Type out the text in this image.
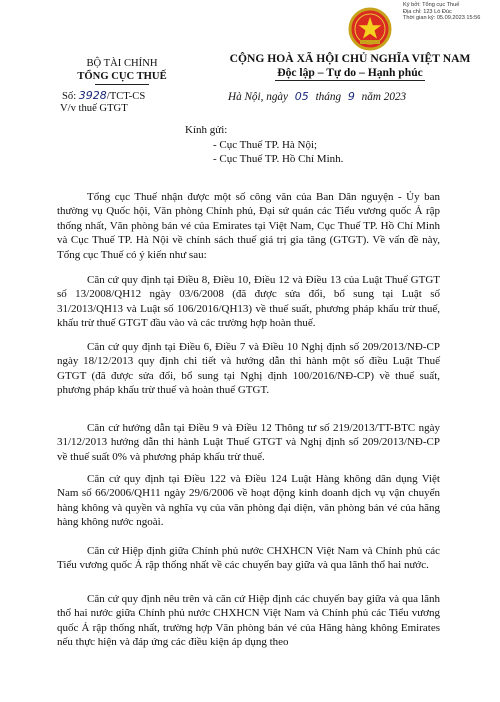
Ký bởi: Tổng cục Thuế
Địa chỉ: 123 Lò Đúc
Thời gian ký: 05.09.2023 15:56
BỘ TÀI CHÍNH
TỔNG CỤC THUẾ
CỘNG HOÀ XÃ HỘI CHỦ NGHĨA VIỆT NAM
Độc lập – Tự do – Hạnh phúc
Số: 3928/TCT-CS
V/v thuế GTGT
Hà Nội, ngày 05 tháng 9 năm 2023
Kính gửi:
- Cục Thuế TP. Hà Nội;
- Cục Thuế TP. Hồ Chí Minh.
Tổng cục Thuế nhận được một số công văn của Ban Dân nguyện - Ủy ban thường vụ Quốc hội, Văn phòng Chính phủ, Đại sứ quán các Tiểu vương quốc Ả rập thống nhất, Văn phòng bán vé của Emirates tại Việt Nam, Cục Thuế TP. Hồ Chí Minh và Cục Thuế TP. Hà Nội về chính sách thuế giá trị gia tăng (GTGT). Về vấn đề này, Tổng cục Thuế có ý kiến như sau:
Căn cứ quy định tại Điều 8, Điều 10, Điều 12 và Điều 13 của Luật Thuế GTGT số 13/2008/QH12 ngày 03/6/2008 (đã được sửa đổi, bổ sung tại Luật số 31/2013/QH13 và Luật số 106/2016/QH13) về thuế suất, phương pháp khấu trừ thuế, khấu trừ thuế GTGT đầu vào và các trường hợp hoàn thuế.
Căn cứ quy định tại Điều 6, Điều 7 và Điều 10 Nghị định số 209/2013/NĐ-CP ngày 18/12/2013 quy định chi tiết và hướng dẫn thi hành một số điều Luật Thuế GTGT (đã được sửa đổi, bổ sung tại Nghị định 100/2016/NĐ-CP) về thuế suất, phương pháp khấu trừ thuế và hoàn thuế GTGT.
Căn cứ hướng dẫn tại Điều 9 và Điều 12 Thông tư số 219/2013/TT-BTC ngày 31/12/2013 hướng dẫn thi hành Luật Thuế GTGT và Nghị định số 209/2013/NĐ-CP về thuế suất 0% và phương pháp khấu trừ thuế.
Căn cứ quy định tại Điều 122 và Điều 124 Luật Hàng không dân dụng Việt Nam số 66/2006/QH11 ngày 29/6/2006 về hoạt động kinh doanh dịch vụ vận chuyển hàng không và quyền và nghĩa vụ của văn phòng đại diện, văn phòng bán vé của hãng hàng không nước ngoài.
Căn cứ Hiệp định giữa Chính phủ nước CHXHCN Việt Nam và Chính phủ các Tiểu vương quốc Ả rập thống nhất về các chuyến bay giữa và qua lãnh thổ hai nước.
Căn cứ quy định nêu trên và căn cứ Hiệp định các chuyến bay giữa và qua lãnh thổ hai nước giữa Chính phủ nước CHXHCN Việt Nam và Chính phủ các Tiểu vương quốc Ả rập thống nhất, trường hợp Văn phòng bán vé của Hãng hàng không Emirates nếu thực hiện và đáp ứng các điều kiện áp dụng theo
